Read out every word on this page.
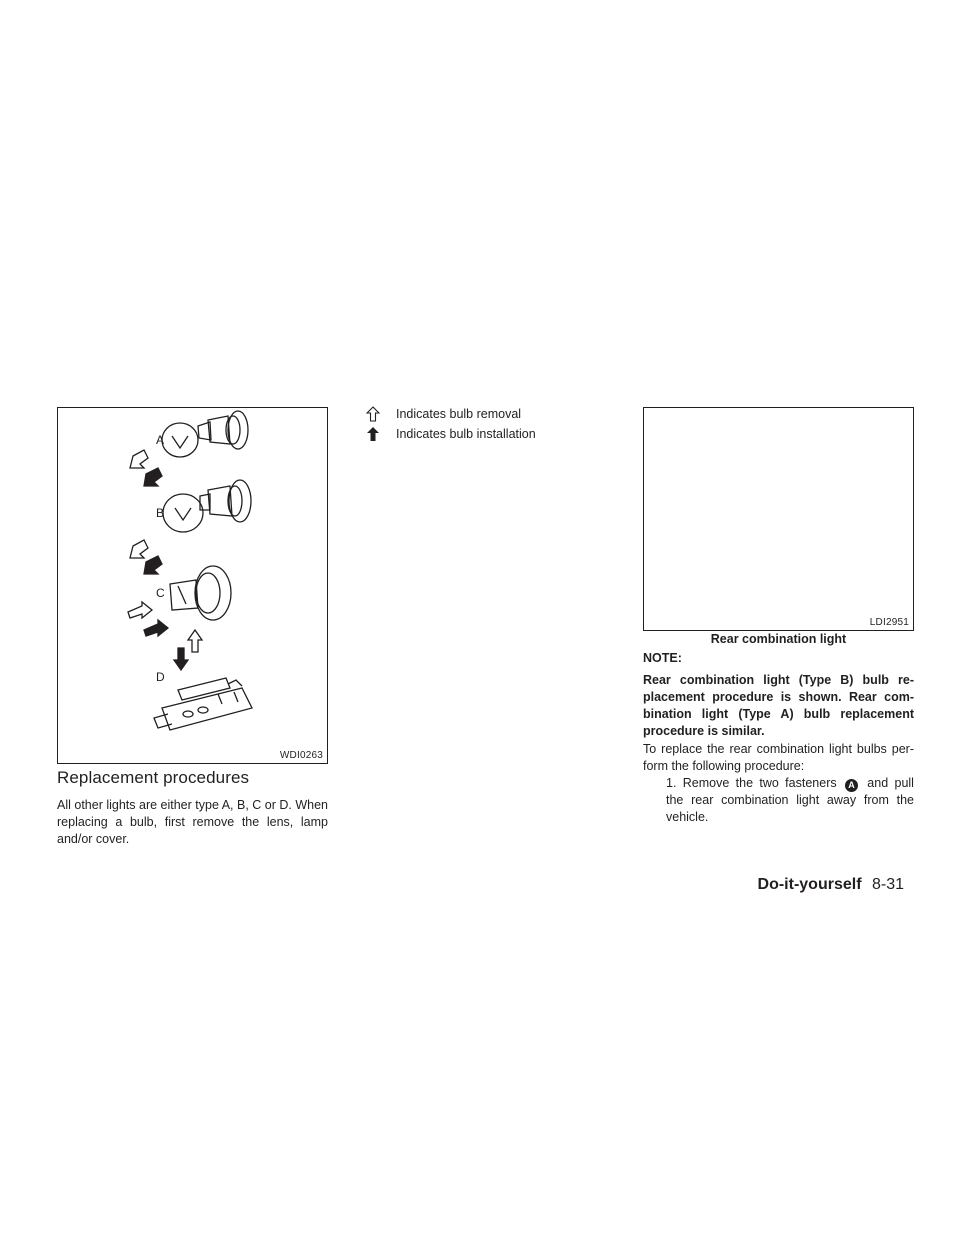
A
B
C
D
WDI0263
Replacement procedures
All other lights are either type A, B, C or D. When replacing a bulb, first remove the lens, lamp and/or cover.
Indicates bulb removal
Indicates bulb installation
LDI2951
Rear combination light
NOTE:
Rear combination light (Type B) bulb re-placement procedure is shown. Rear com-bination light (Type A) bulb replacement procedure is similar.
To replace the rear combination light bulbs per-form the following procedure:
1. Remove the two fasteners A and pull the rear combination light away from the vehicle.
Do-it-yourself 8-31
